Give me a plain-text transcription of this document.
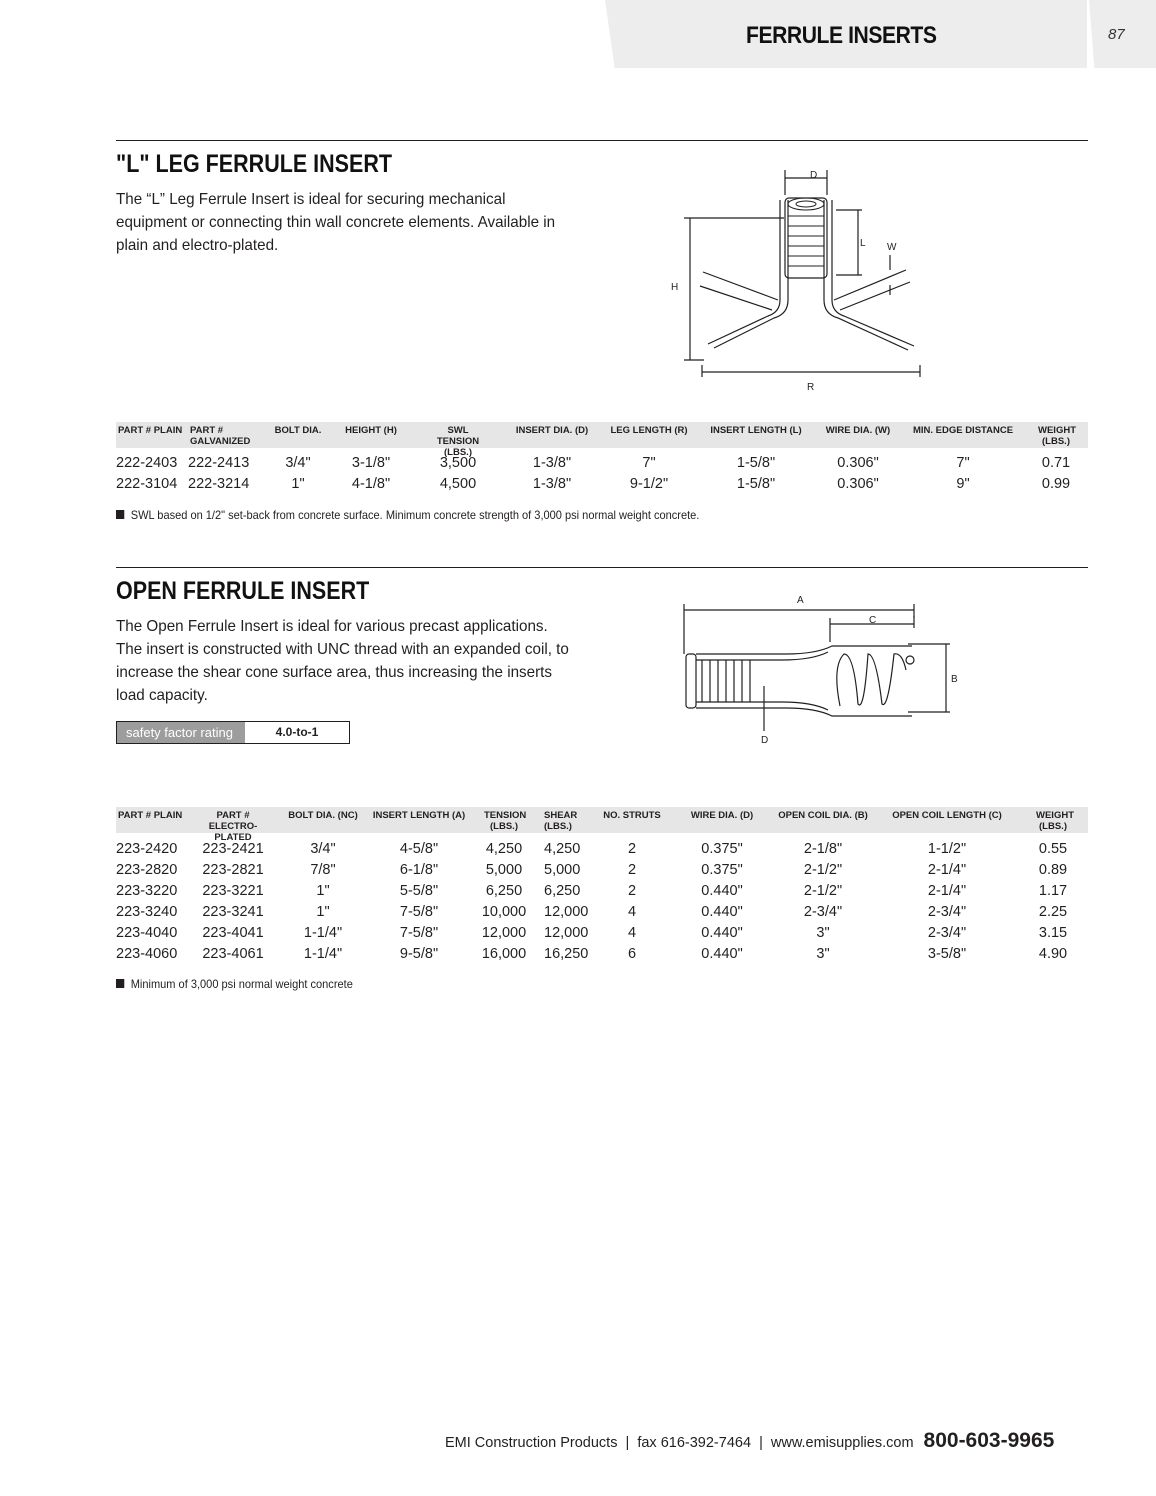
FERRULE INSERTS	87
"L" LEG FERRULE INSERT
The “L” Leg Ferrule Insert is ideal for securing mechanical equipment or connecting thin wall concrete elements. Available in plain and electro-plated.
D
L W
H
R
PART # PLAIN PART # GALVANIZED
BOLT DIA.	HEIGHT (H)	SWL TENSION (LBS.)
INSERT DIA. (D)	LEG LENGTH (R)	INSERT LENGTH (L)	WIRE DIA. (W)	MIN. EDGE DISTANCE	WEIGHT (LBS.)
222-2403 222-2413	3/4"	3-1/8"	3,500	1-3/8"	7"	1-5/8"	0.306"	7"	0.71
222-3104 222-3214	1"	4-1/8"	4,500	1-3/8"	9-1/2"	1-5/8"	0.306"	9"	0.99
SWL based on 1/2" set-back from concrete surface. Minimum concrete strength of 3,000 psi normal weight concrete.
OPEN FERRULE INSERT
The Open Ferrule Insert is ideal for various precast applications. The insert is constructed with UNC thread with an expanded coil, to increase the shear cone surface area, thus increasing the inserts load capacity.
safety factor rating	4.0-to-1
A
C
B
D
PART # PLAIN	PART # ELECTRO-PLATED
BOLT DIA. (NC)	INSERT LENGTH (A)	TENSION (LBS.)
SHEAR (LBS.)
NO. STRUTS	WIRE DIA. (D)	OPEN COIL DIA. (B)	OPEN COIL LENGTH (C)	WEIGHT (LBS.)
223-2420	223-2421	3/4"	4-5/8"	4,250	4,250	2	0.375"	2-1/8"	1-1/2"	0.55
223-2820	223-2821	7/8"	6-1/8"	5,000	5,000	2	0.375"	2-1/2"	2-1/4"	0.89
223-3220	223-3221	1"	5-5/8"	6,250	6,250	2	0.440"	2-1/2"	2-1/4"	1.17
223-3240	223-3241	1"	7-5/8"	10,000	12,000	4	0.440"	2-3/4"	2-3/4"	2.25
223-4040	223-4041	1-1/4"	7-5/8"	12,000	12,000	4	0.440"	3"	2-3/4"	3.15
223-4060	223-4061	1-1/4"	9-5/8"	16,000	16,250	6	0.440"	3"	3-5/8"	4.90
Minimum of 3,000 psi normal weight concrete
EMI Construction Products  |  fax 616-392-7464  |  www.emisupplies.com 800-603-9965
